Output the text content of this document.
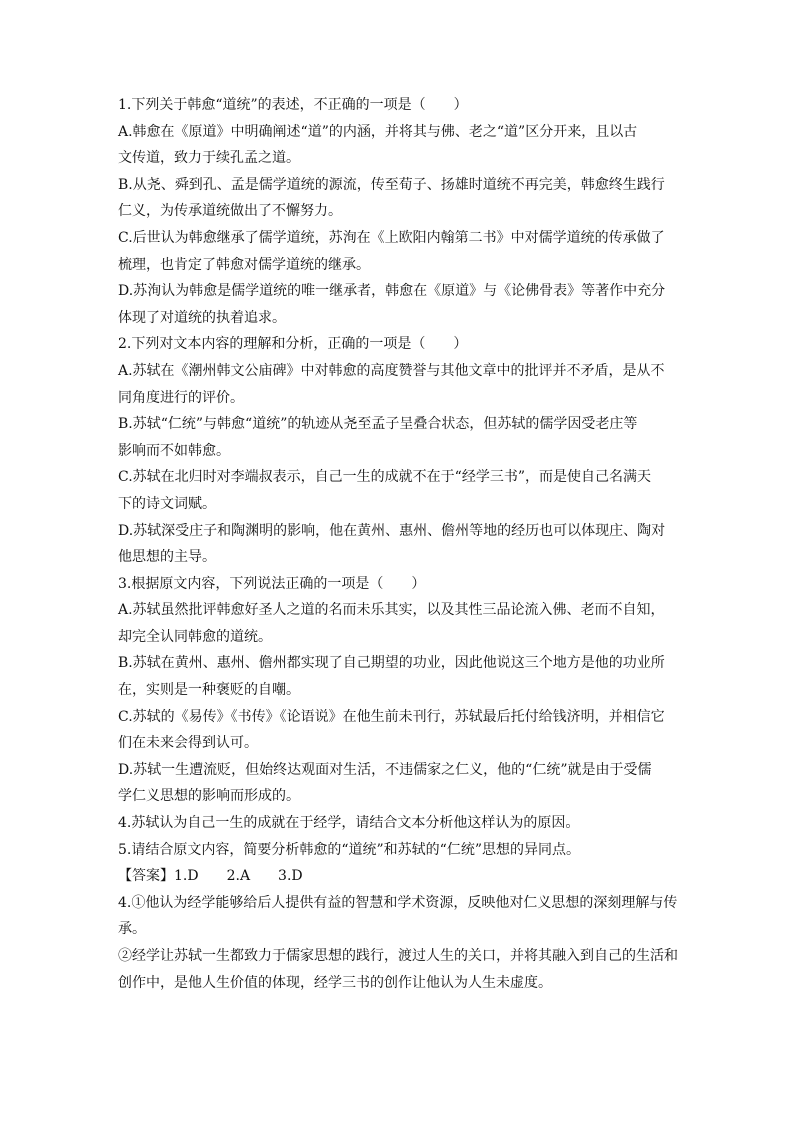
1.下列关于韩愈“道统”的表述，不正确的一项是（　　）
A.韩愈在《原道》中明确阐述“道”的内涵，并将其与佛、老之“道”区分开来，且以古
文传道，致力于续孔孟之道。
B.从尧、舜到孔、孟是儒学道统的源流，传至荀子、扬雄时道统不再完美，韩愈终生践行
仁义，为传承道统做出了不懈努力。
C.后世认为韩愈继承了儒学道统，苏洵在《上欧阳内翰第二书》中对儒学道统的传承做了
梳理，也肯定了韩愈对儒学道统的继承。
D.苏洵认为韩愈是儒学道统的唯一继承者，韩愈在《原道》与《论佛骨表》等著作中充分
体现了对道统的执着追求。
2.下列对文本内容的理解和分析，正确的一项是（　　）
A.苏轼在《潮州韩文公庙碑》中对韩愈的高度赞誉与其他文章中的批评并不矛盾，是从不
同角度进行的评价。
B.苏轼“仁统”与韩愈“道统”的轨迹从尧至孟子呈叠合状态，但苏轼的儒学因受老庄等
影响而不如韩愈。
C.苏轼在北归时对李端叔表示，自己一生的成就不在于“经学三书”，而是使自己名满天
下的诗文词赋。
D.苏轼深受庄子和陶渊明的影响，他在黄州、惠州、儋州等地的经历也可以体现庄、陶对
他思想的主导。
3.根据原文内容，下列说法正确的一项是（　　）
A.苏轼虽然批评韩愈好圣人之道的名而未乐其实，以及其性三品论流入佛、老而不自知，
却完全认同韩愈的道统。
B.苏轼在黄州、惠州、儋州都实现了自己期望的功业，因此他说这三个地方是他的功业所
在，实则是一种褒贬的自嘲。
C.苏轼的《易传》《书传》《论语说》在他生前未刊行，苏轼最后托付给钱济明，并相信它
们在未来会得到认可。
D.苏轼一生遭流贬，但始终达观面对生活，不违儒家之仁义，他的“仁统”就是由于受儒
学仁义思想的影响而形成的。
4.苏轼认为自己一生的成就在于经学，请结合文本分析他这样认为的原因。
5.请结合原文内容，简要分析韩愈的“道统”和苏轼的“仁统”思想的异同点。
【答案】1.D　　2.A　　3.D
4.①他认为经学能够给后人提供有益的智慧和学术资源，反映他对仁义思想的深刻理解与传
承。
②经学让苏轼一生都致力于儒家思想的践行，渡过人生的关口，并将其融入到自己的生活和
创作中，是他人生价值的体现，经学三书的创作让他认为人生未虚度。
